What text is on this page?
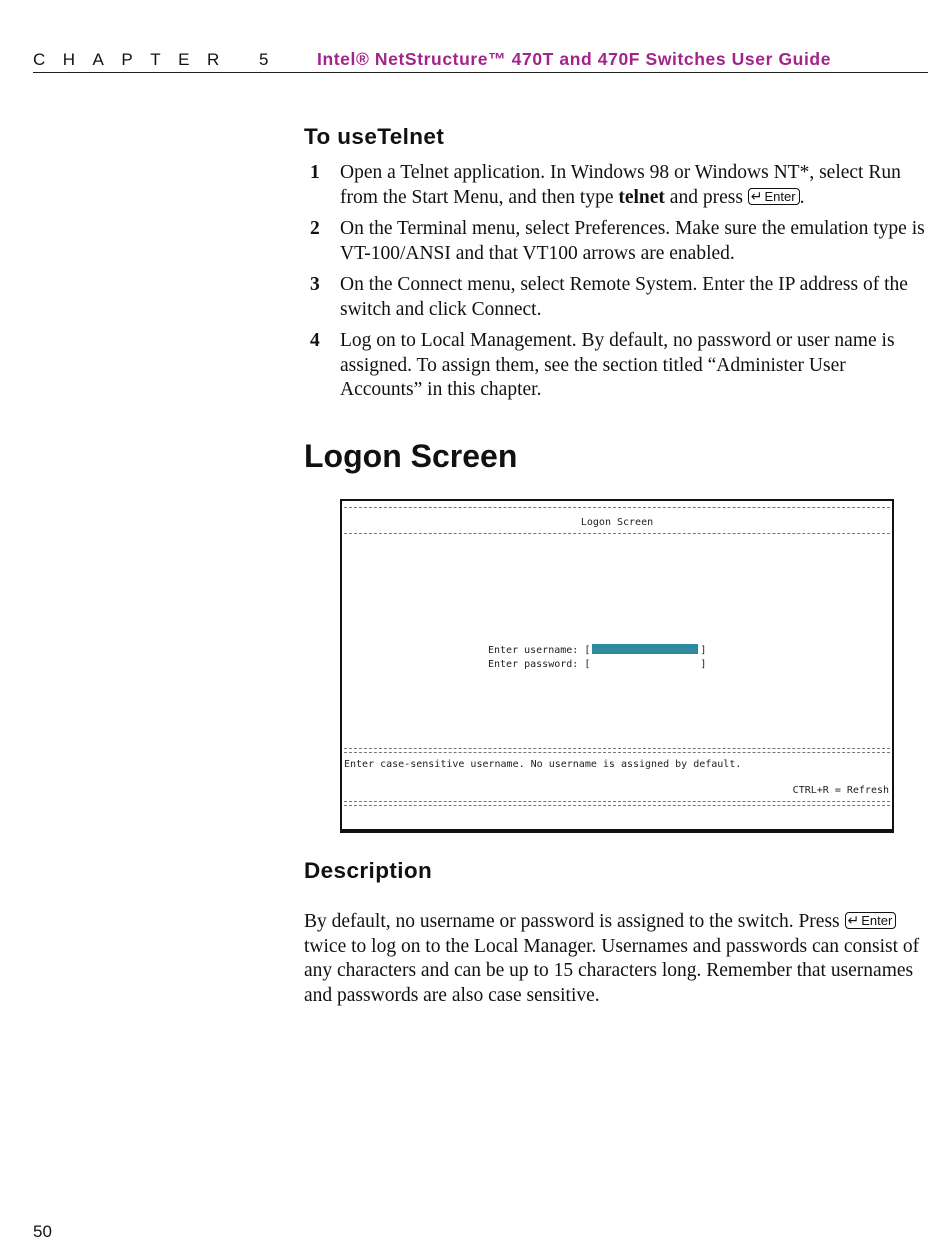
CHAPTER 5 Intel® NetStructure™ 470T and 470F Switches User Guide
To useTelnet
1 Open a Telnet application. In Windows 98 or Windows NT*, select Run from the Start Menu, and then type telnet and press ↵ Enter .
2 On the Terminal menu, select Preferences. Make sure the emulation type is VT-100/ANSI and that VT100 arrows are enabled.
3 On the Connect menu, select Remote System. Enter the IP address of the switch and click Connect.
4 Log on to Local Management. By default, no password or user name is assigned. To assign them, see the section titled “Administer User Accounts” in this chapter.
Logon Screen
Logon Screen
Enter username: [	]
Enter password: [	]
Enter case-sensitive username. No username is assigned by default.
CTRL+R = Refresh
Description

By default, no username or password is assigned to the switch. Press ↵ Enter twice to log on to the Local Manager. Usernames and passwords can consist of any characters and can be up to 15 characters long. Remember that usernames and passwords are also case sensitive.

50
